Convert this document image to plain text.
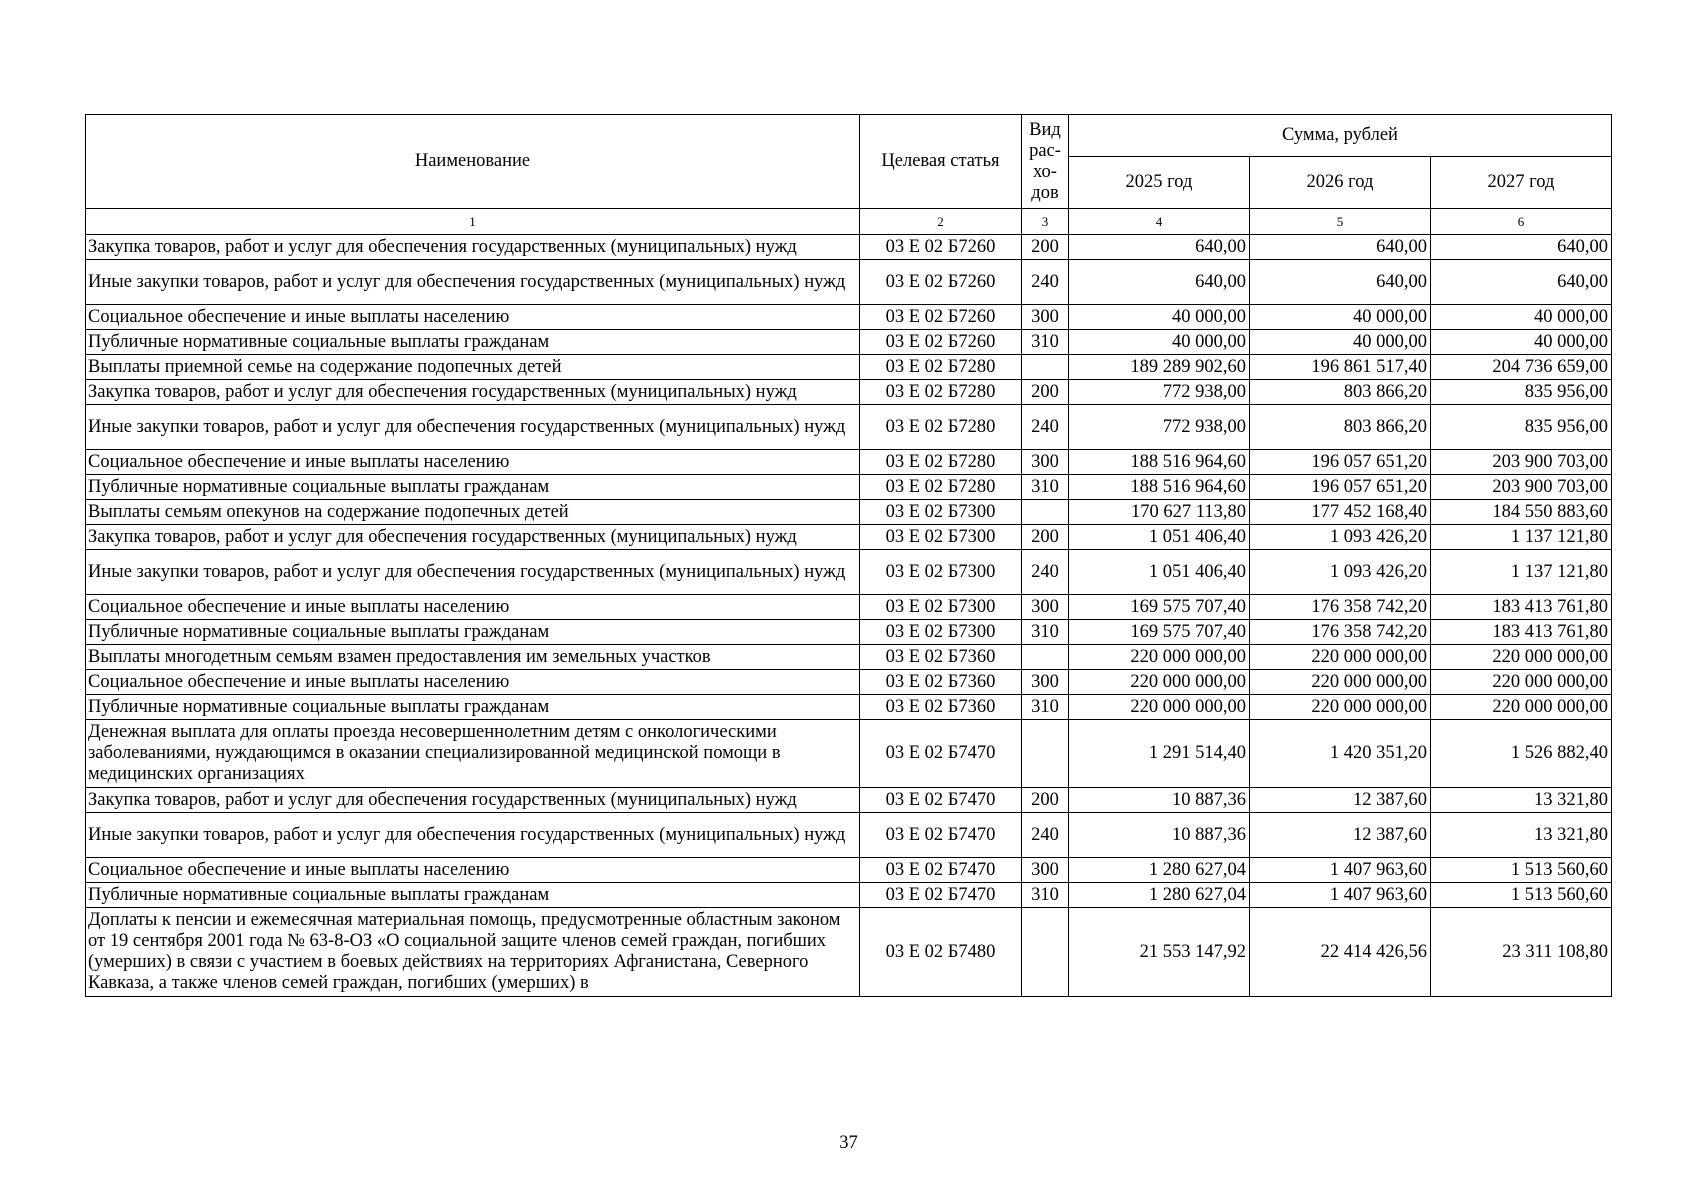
Наименование	Целевая статья	Вид рас-хо-дов	Сумма, рублей		
			2025 год	2026 год	2027 год
1	2	3	4	5	6
Закупка товаров, работ и услуг для обеспечения государственных (муниципальных) нужд	03 Е 02 Б7260	200	640,00	640,00	640,00
Иные закупки товаров, работ и услуг для обеспечения государственных (муниципальных) нужд	03 Е 02 Б7260	240	640,00	640,00	640,00
Социальное обеспечение и иные выплаты населению	03 Е 02 Б7260	300	40 000,00	40 000,00	40 000,00
Публичные нормативные социальные выплаты гражданам	03 Е 02 Б7260	310	40 000,00	40 000,00	40 000,00
Выплаты приемной семье на содержание подопечных детей	03 Е 02 Б7280		189 289 902,60	196 861 517,40	204 736 659,00
Закупка товаров, работ и услуг для обеспечения государственных (муниципальных) нужд	03 Е 02 Б7280	200	772 938,00	803 866,20	835 956,00
Иные закупки товаров, работ и услуг для обеспечения государственных (муниципальных) нужд	03 Е 02 Б7280	240	772 938,00	803 866,20	835 956,00
Социальное обеспечение и иные выплаты населению	03 Е 02 Б7280	300	188 516 964,60	196 057 651,20	203 900 703,00
Публичные нормативные социальные выплаты гражданам	03 Е 02 Б7280	310	188 516 964,60	196 057 651,20	203 900 703,00
Выплаты семьям опекунов на содержание подопечных детей	03 Е 02 Б7300		170 627 113,80	177 452 168,40	184 550 883,60
Закупка товаров, работ и услуг для обеспечения государственных (муниципальных) нужд	03 Е 02 Б7300	200	1 051 406,40	1 093 426,20	1 137 121,80
Иные закупки товаров, работ и услуг для обеспечения государственных (муниципальных) нужд	03 Е 02 Б7300	240	1 051 406,40	1 093 426,20	1 137 121,80
Социальное обеспечение и иные выплаты населению	03 Е 02 Б7300	300	169 575 707,40	176 358 742,20	183 413 761,80
Публичные нормативные социальные выплаты гражданам	03 Е 02 Б7300	310	169 575 707,40	176 358 742,20	183 413 761,80
Выплаты многодетным семьям взамен предоставления им земельных участков	03 Е 02 Б7360		220 000 000,00	220 000 000,00	220 000 000,00
Социальное обеспечение и иные выплаты населению	03 Е 02 Б7360	300	220 000 000,00	220 000 000,00	220 000 000,00
Публичные нормативные социальные выплаты гражданам	03 Е 02 Б7360	310	220 000 000,00	220 000 000,00	220 000 000,00
Денежная выплата для оплаты проезда несовершеннолетним детям с онкологическими заболеваниями, нуждающимся в оказании специализированной медицинской помощи в медицинских организациях	03 Е 02 Б7470		1 291 514,40	1 420 351,20	1 526 882,40
Закупка товаров, работ и услуг для обеспечения государственных (муниципальных) нужд	03 Е 02 Б7470	200	10 887,36	12 387,60	13 321,80
Иные закупки товаров, работ и услуг для обеспечения государственных (муниципальных) нужд	03 Е 02 Б7470	240	10 887,36	12 387,60	13 321,80
Социальное обеспечение и иные выплаты населению	03 Е 02 Б7470	300	1 280 627,04	1 407 963,60	1 513 560,60
Публичные нормативные социальные выплаты гражданам	03 Е 02 Б7470	310	1 280 627,04	1 407 963,60	1 513 560,60
Доплаты к пенсии и ежемесячная материальная помощь, предусмотренные областным законом от 19 сентября 2001 года № 63-8-ОЗ «О социальной защите членов семей граждан, погибших (умерших) в связи с участием в боевых действиях на территориях Афганистана, Северного Кавказа, а также членов семей граждан, погибших (умерших) в	03 Е 02 Б7480		21 553 147,92	22 414 426,56	23 311 108,80
37
